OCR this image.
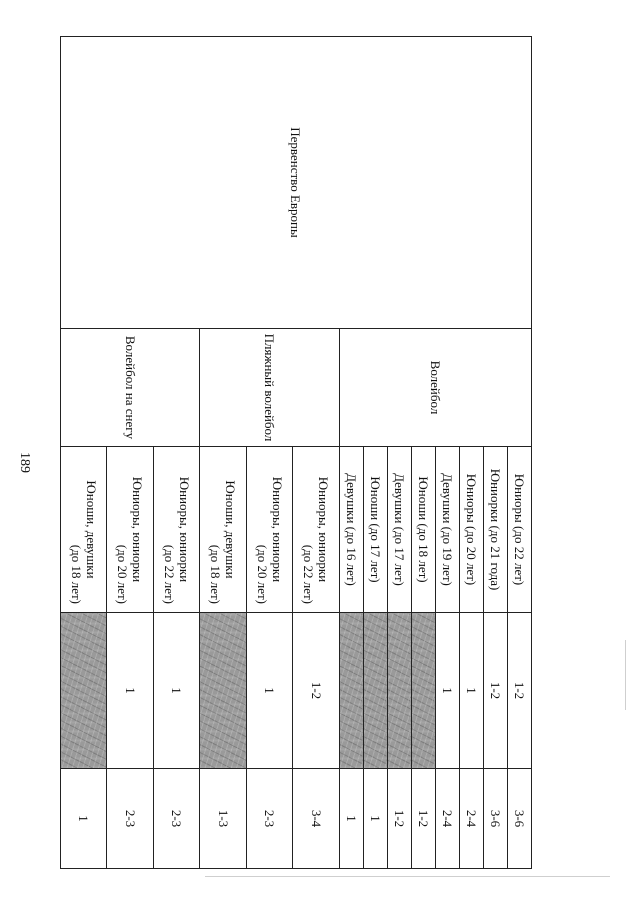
189
Первенство Европы	Волейбол	Юниоры (до 22 лет)	1-2	3-6
		Юниорки (до 21 года)	1-2	3-6
		Юниоры (до 20 лет)	1	2-4
		Девушки (до 19 лет)	1	2-4
		Юноши (до 18 лет)		1-2
		Девушки (до 17 лет)		1-2
		Юноши (до 17 лет)		1
		Девушки (до 16 лет)		1
	Пляжный волейбол	Юниоры, юниорки
(до 22 лет)	1-2	3-4
		Юниоры, юниорки
(до 20 лет)	1	2-3
		Юноши, девушки
(до 18 лет)		1-3
	Волейбол на снегу	Юниоры, юниорки
(до 22 лет)	1	2-3
		Юниоры, юниорки
(до 20 лет)	1	2-3
		Юноши, девушки
(до 18 лет)		1
